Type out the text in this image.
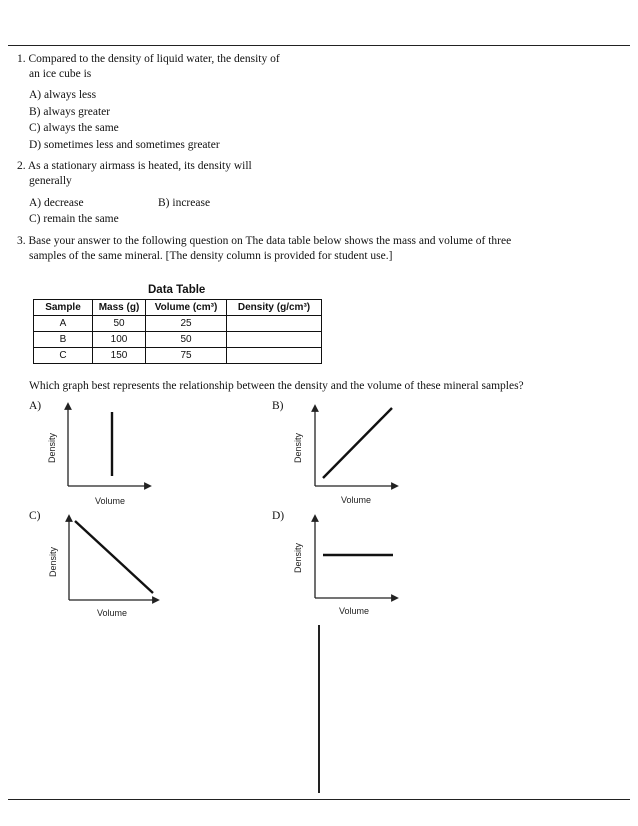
1. Compared to the density of liquid water, the density of
an ice cube is
A) always less
B) always greater
C) always the same
D) sometimes less and sometimes greater
2. As a stationary airmass is heated, its density will
generally
A) decrease	B) increase
C) remain the same
3. Base your answer to the following question on The data table below shows the mass and volume of three
samples of the same mineral. [The density column is provided for student use.]
Data Table
Sample	Mass (g)	Volume (cm³)	Density (g/cm³)
A	50	25	
B	100	50	
C	150	75	
Which graph best represents the relationship between the density and the volume of these mineral samples?
A)	B)
C)	D)
Density
Volume
Density
Volume
Density
Volume
Density
Volume
